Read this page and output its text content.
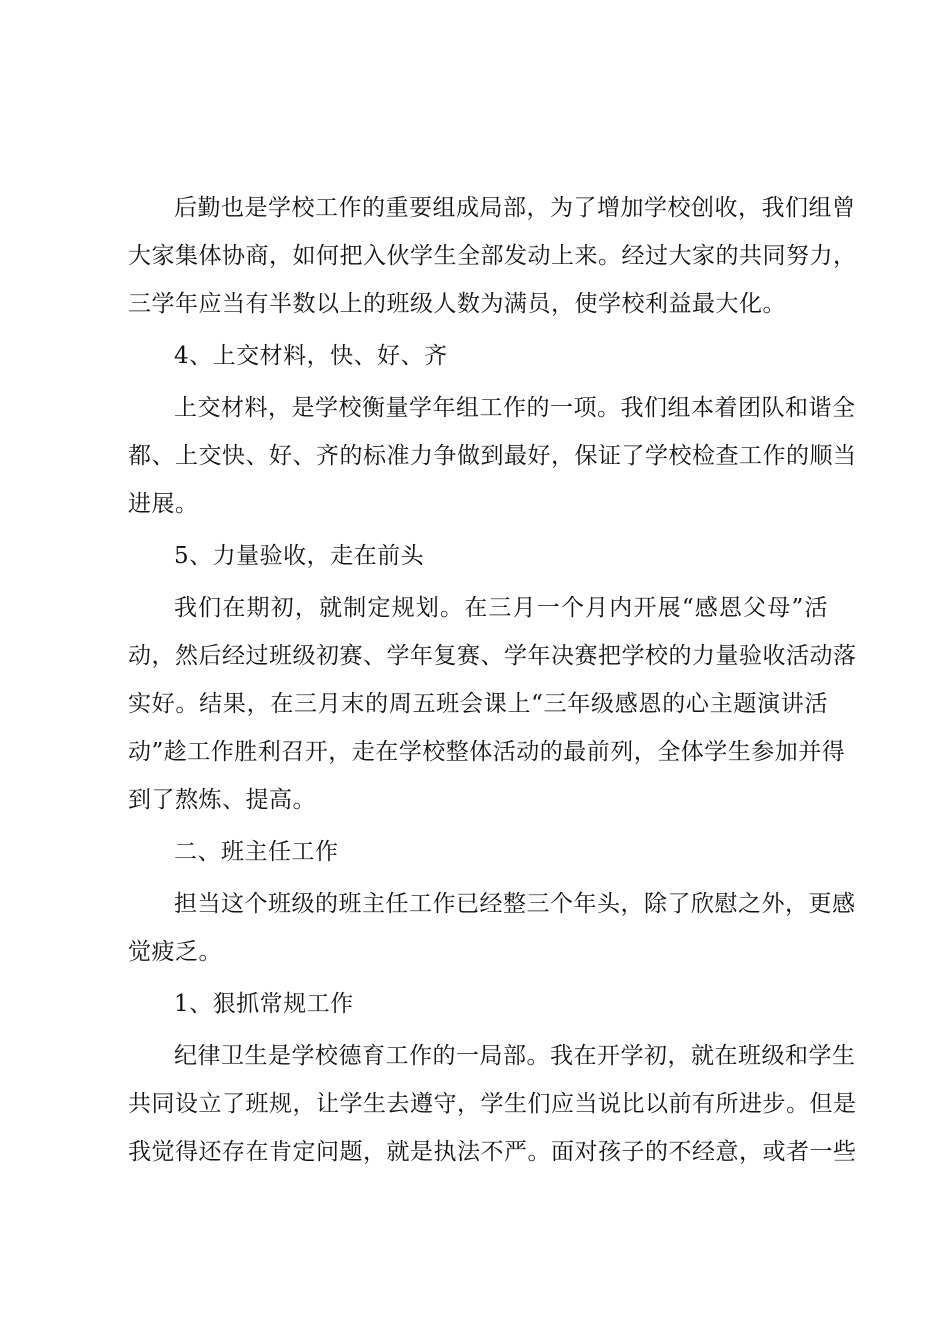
后勤也是学校工作的重要组成局部，为了增加学校创收，我们组曾
大家集体协商，如何把入伙学生全部发动上来。经过大家的共同努力，
三学年应当有半数以上的班级人数为满员，使学校利益最大化。
4、上交材料，快、好、齐
上交材料，是学校衡量学年组工作的一项。我们组本着团队和谐全
都、上交快、好、齐的标准力争做到最好，保证了学校检查工作的顺当
进展。
5、力量验收，走在前头
我们在期初，就制定规划。在三月一个月内开展“感恩父母”活
动，然后经过班级初赛、学年复赛、学年决赛把学校的力量验收活动落
实好。结果，在三月末的周五班会课上“三年级感恩的心主题演讲活
动”趁工作胜利召开，走在学校整体活动的最前列，全体学生参加并得
到了熬炼、提高。
二、班主任工作
担当这个班级的班主任工作已经整三个年头，除了欣慰之外，更感
觉疲乏。
1、狠抓常规工作
纪律卫生是学校德育工作的一局部。我在开学初，就在班级和学生
共同设立了班规，让学生去遵守，学生们应当说比以前有所进步。但是
我觉得还存在肯定问题，就是执法不严。面对孩子的不经意，或者一些
